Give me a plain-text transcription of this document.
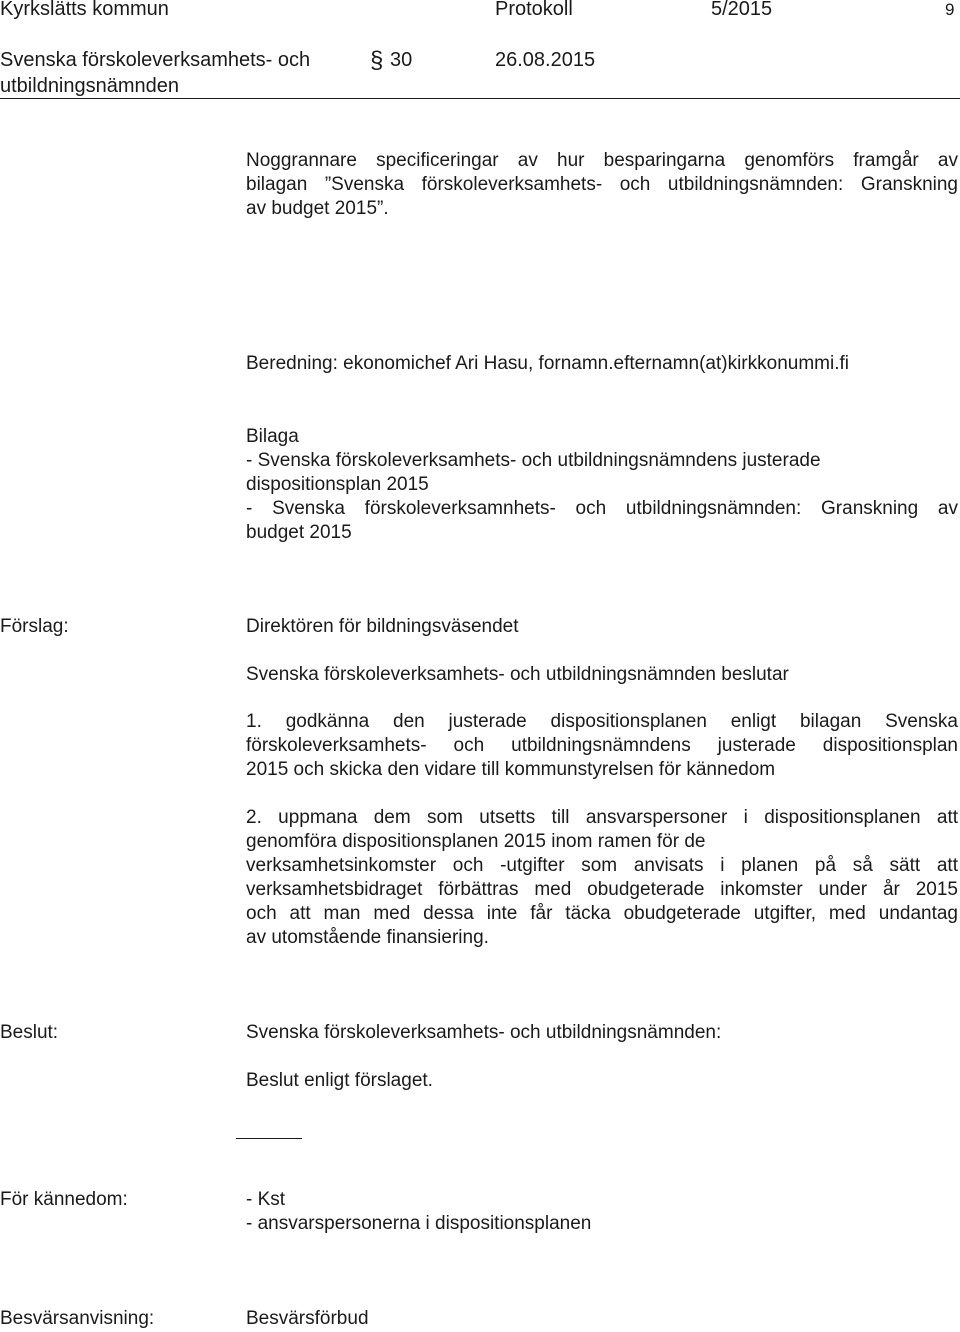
Kyrkslätts kommun	Protokoll	5/2015	9
Svenska förskoleverksamhets- och
utbildningsnämnden
§ 30	26.08.2015
Noggrannare specificeringar av hur besparingarna genomförs framgår av
bilagan ”Svenska förskoleverksamhets- och utbildningsnämnden: Granskning
av budget 2015”.
Beredning: ekonomichef Ari Hasu, fornamn.efternamn(at)kirkkonummi.fi
Bilaga
- Svenska förskoleverksamhets- och utbildningsnämndens justerade
dispositionsplan 2015
- Svenska förskoleverksamnhets- och utbildningsnämnden: Granskning av
budget 2015
Förslag:	Direktören för bildningsväsendet
Svenska förskoleverksamhets- och utbildningsnämnden beslutar
1. godkänna den justerade dispositionsplanen enligt bilagan Svenska
förskoleverksamhets- och utbildningsnämndens justerade dispositionsplan
2015 och skicka den vidare till kommunstyrelsen för kännedom
2. uppmana dem som utsetts till ansvarspersoner i dispositionsplanen att
genomföra dispositionsplanen 2015 inom ramen för de
verksamhetsinkomster och -utgifter som anvisats i planen på så sätt att
verksamhetsbidraget förbättras med obudgeterade inkomster under år 2015
och att man med dessa inte får täcka obudgeterade utgifter, med undantag
av utomstående finansiering.
Beslut:	Svenska förskoleverksamhets- och utbildningsnämnden:
Beslut enligt förslaget.
För kännedom:	- Kst

- ansvarspersonerna i dispositionsplanen

Besvärsanvisning:	Besvärsförbud
